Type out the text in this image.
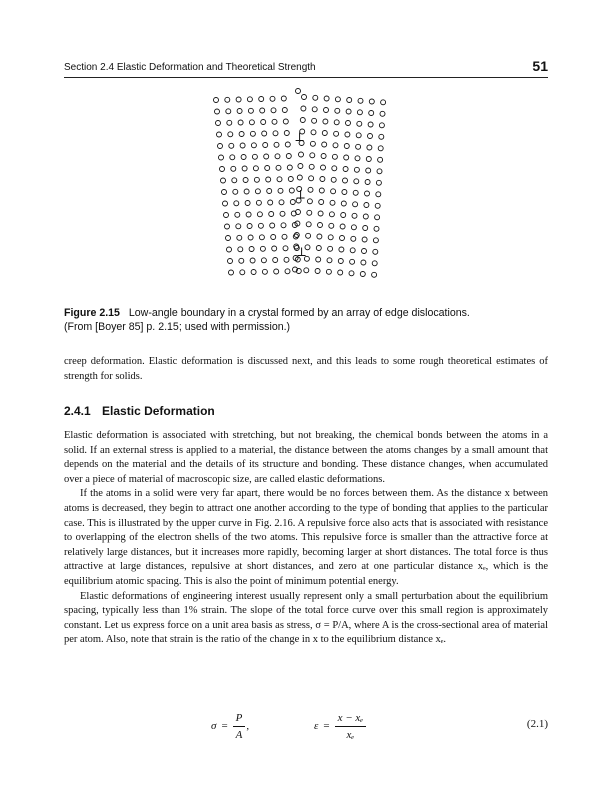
Section 2.4 Elastic Deformation and Theoretical Strength	51
Figure 2.15 Low-angle boundary in a crystal formed by an array of edge dislocations.
(From [Boyer 85] p. 2.15; used with permission.)

creep deformation. Elastic deformation is discussed next, and this leads to some rough theoretical estimates of strength for solids.

2.4.1 Elastic Deformation

Elastic deformation is associated with stretching, but not breaking, the chemical bonds between the atoms in a solid. If an external stress is applied to a material, the distance between the atoms changes by a small amount that depends on the material and the details of its structure and bonding. These distance changes, when accumulated over a piece of material of macroscopic size, are called elastic deformations.

If the atoms in a solid were very far apart, there would be no forces between them. As the distance x between atoms is decreased, they begin to attract one another according to the type of bonding that applies to the particular case. This is illustrated by the upper curve in Fig. 2.16. A repulsive force also acts that is associated with resistance to overlapping of the electron shells of the two atoms. This repulsive force is smaller than the attractive force at relatively large distances, but it increases more rapidly, becoming larger at short distances. The total force is thus attractive at large distances, repulsive at short distances, and zero at one particular distance xₑ, which is the equilibrium atomic spacing. This is also the point of minimum potential energy.

Elastic deformations of engineering interest usually represent only a small perturbation about the equilibrium spacing, typically less than 1% strain. The slope of the total force curve over this small region is approximately constant. Let us express force on a unit area basis as stress, σ = P/A, where A is the cross-sectional area of material per atom. Also, note that strain is the ratio of the change in x to the equilibrium distance xₑ.

$\sigma = \frac{P}{A}$ ,	$\varepsilon = \frac{\text{x − xₑ}}{\text{xₑ}}$	(2.1)
